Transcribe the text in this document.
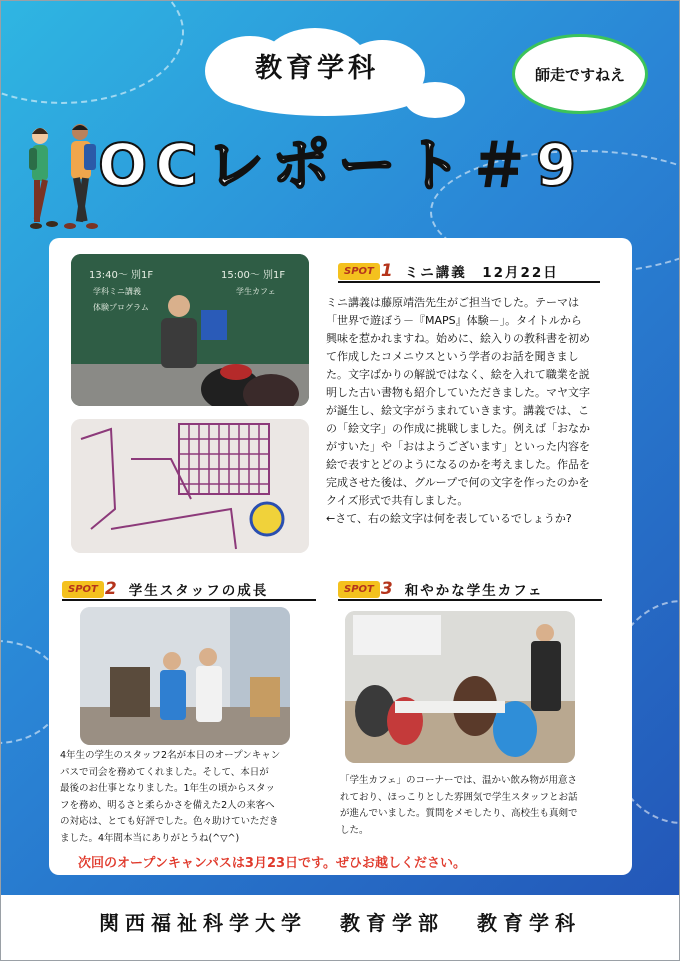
教育学科	師走ですねえ
OCレポート＃9
13:40～ 別1F
学科ミニ講義
体験プログラム
15:00～ 別1F
学生カフェ
SPOT 1 ミニ講義　12月22日
ミニ講義は藤原靖浩先生がご担当でした。テーマは
「世界で遊ぼう－『MAPS』体験－」。タイトルから
興味を惹かれますね。始めに、絵入りの教科書を初め
て作成したコメニウスという学者のお話を聞きまし
た。文字ばかりの解説ではなく、絵を入れて職業を説
明した古い書物も紹介していただきました。マヤ文字
が誕生し、絵文字がうまれていきます。講義では、こ
の「絵文字」の作成に挑戦しました。例えば「おなか
がすいた」や「おはようございます」といった内容を
絵で表すとどのようになるのかを考えました。作品を
完成させた後は、グループで何の文字を作ったのかを
クイズ形式で共有しました。
←さて、右の絵文字は何を表しているでしょうか?
SPOT 2 学生スタッフの成長
4年生の学生のスタッフ2名が本日のオープンキャン
パスで司会を務めてくれました。そして、本日が
最後のお仕事となりました。1年生の頃からスタッ
フを務め、明るさと柔らかさを備えた2人の来客へ
の対応は、とても好評でした。色々助けていただき
ました。4年間本当にありがとうね(^▽^)
SPOT 3 和やかな学生カフェ
「学生カフェ」のコーナーでは、温かい飲み物が用意さ
れており、ほっこりとした雰囲気で学生スタッフとお話
が進んでいました。質問をメモしたり、高校生も真剣で
した。
次回のオープンキャンパスは3月23日です。ぜひお越しください。
関西福祉科学大学 教育学部 教育学科
